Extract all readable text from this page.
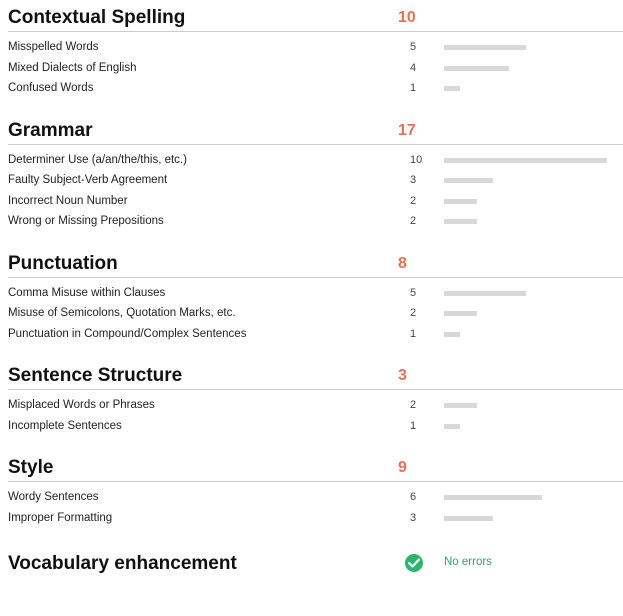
Contextual Spelling	10
Misspelled Words	5
Mixed Dialects of English	4
Confused Words	1
Grammar	17
Determiner Use (a/an/the/this, etc.)	10
Faulty Subject-Verb Agreement	3
Incorrect Noun Number	2
Wrong or Missing Prepositions	2
Punctuation	8
Comma Misuse within Clauses	5
Misuse of Semicolons, Quotation Marks, etc.	2
Punctuation in Compound/Complex Sentences	1
Sentence Structure	3
Misplaced Words or Phrases	2
Incomplete Sentences	1
Style	9
Wordy Sentences	6
Improper Formatting	3
Vocabulary enhancement	No errors
